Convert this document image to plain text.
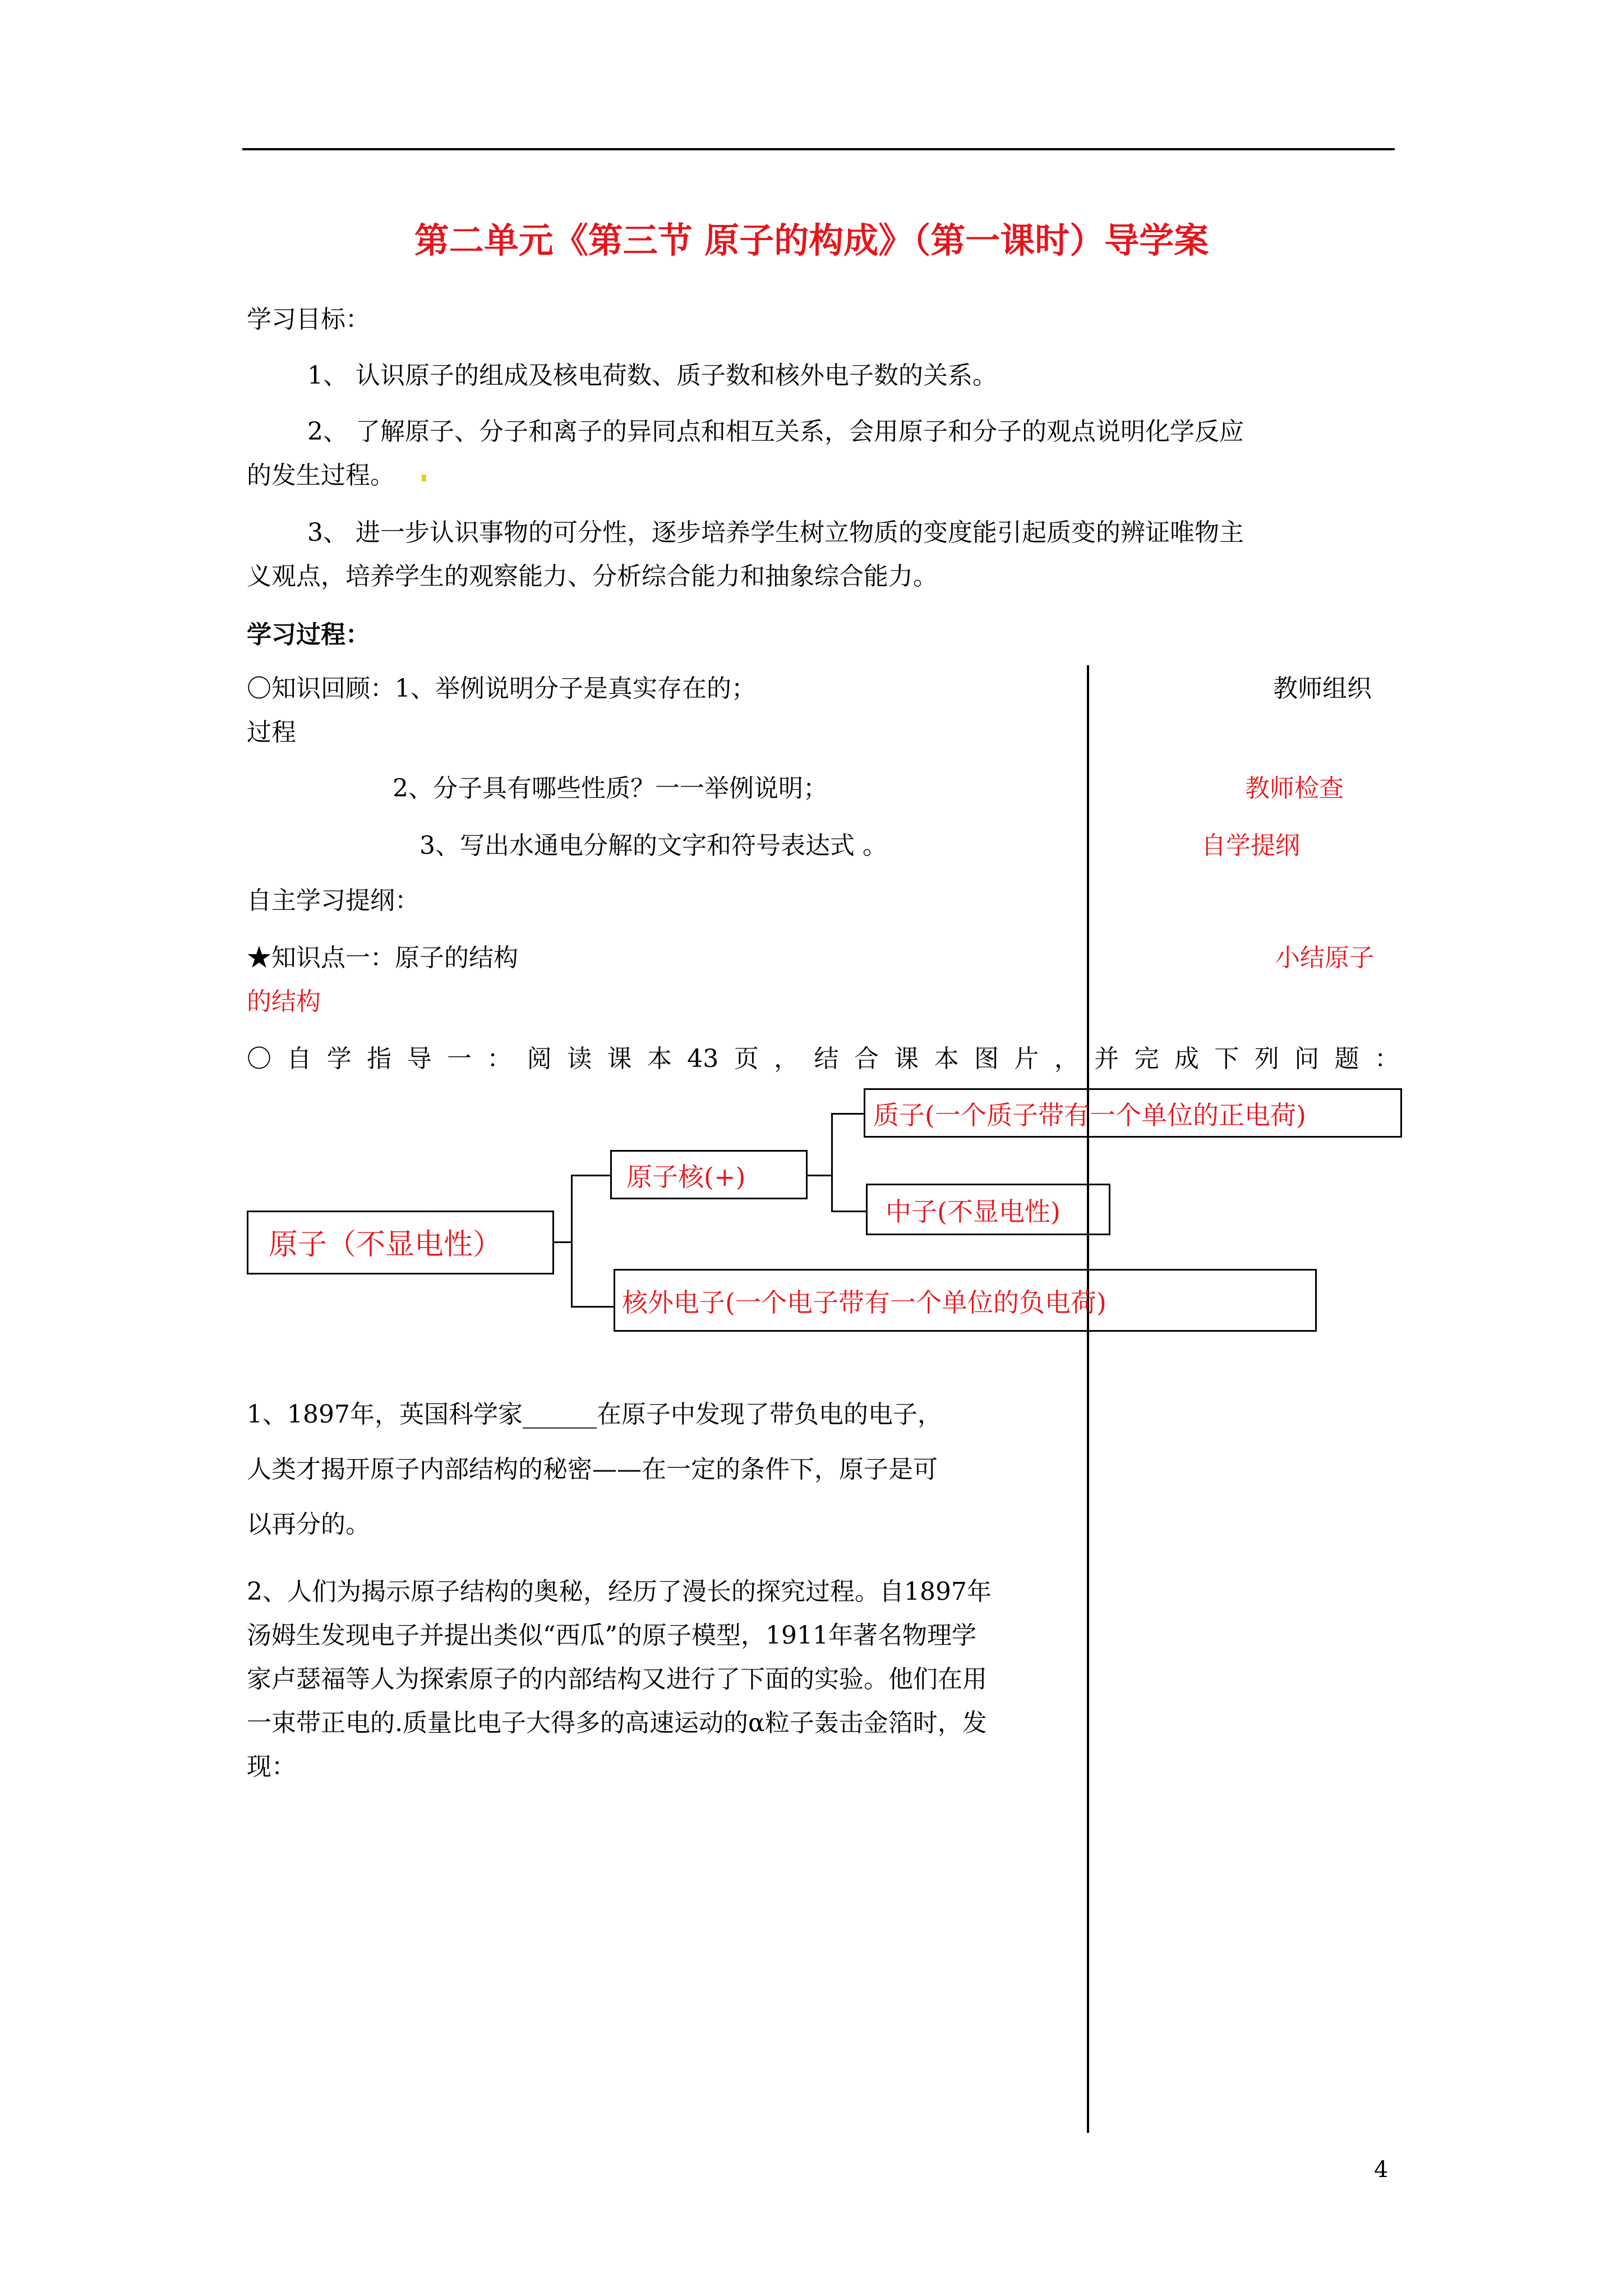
第二单元《第三节 原子的构成》（第一课时）导学案
学习目标：
1、 认识原子的组成及核电荷数、质子数和核外电子数的关系。
2、 了解原子、分子和离子的异同点和相互关系，会用原子和分子的观点说明化学反应
的发生过程。
3、 进一步认识事物的可分性，逐步培养学生树立物质的变度能引起质变的辨证唯物主
义观点，培养学生的观察能力、分析综合能力和抽象综合能力。
学习过程：
〇知识回顾：1、举例说明分子是真实存在的；	教师组织
过程
2、分子具有哪些性质？一一举例说明；	教师检查
3、写出水通电分解的文字和符号表达式 。	自学提纲
自主学习提纲：
★知识点一：原子的结构	小结原子
的结构
〇 自 学 指 导 一 ： 阅 读 课 本 43 页 ， 结 合 课 本 图 片 ， 并 完 成 下 列 问 题 ：
原子（不显电性）
原子核(+)
质子(一个质子带有一个单位的正电荷)
中子(不显电性)
核外电子(一个电子带有一个单位的负电荷)
1、1897年，英国科学家______在原子中发现了带负电的电子，
人类才揭开原子内部结构的秘密——在一定的条件下，原子是可
以再分的。
2、人们为揭示原子结构的奥秘，经历了漫长的探究过程。自1897年
汤姆生发现电子并提出类似“西瓜”的原子模型，1911年著名物理学
家卢瑟福等人为探索原子的内部结构又进行了下面的实验。他们在用
一束带正电的.质量比电子大得多的高速运动的α粒子轰击金箔时，发
现：
4
